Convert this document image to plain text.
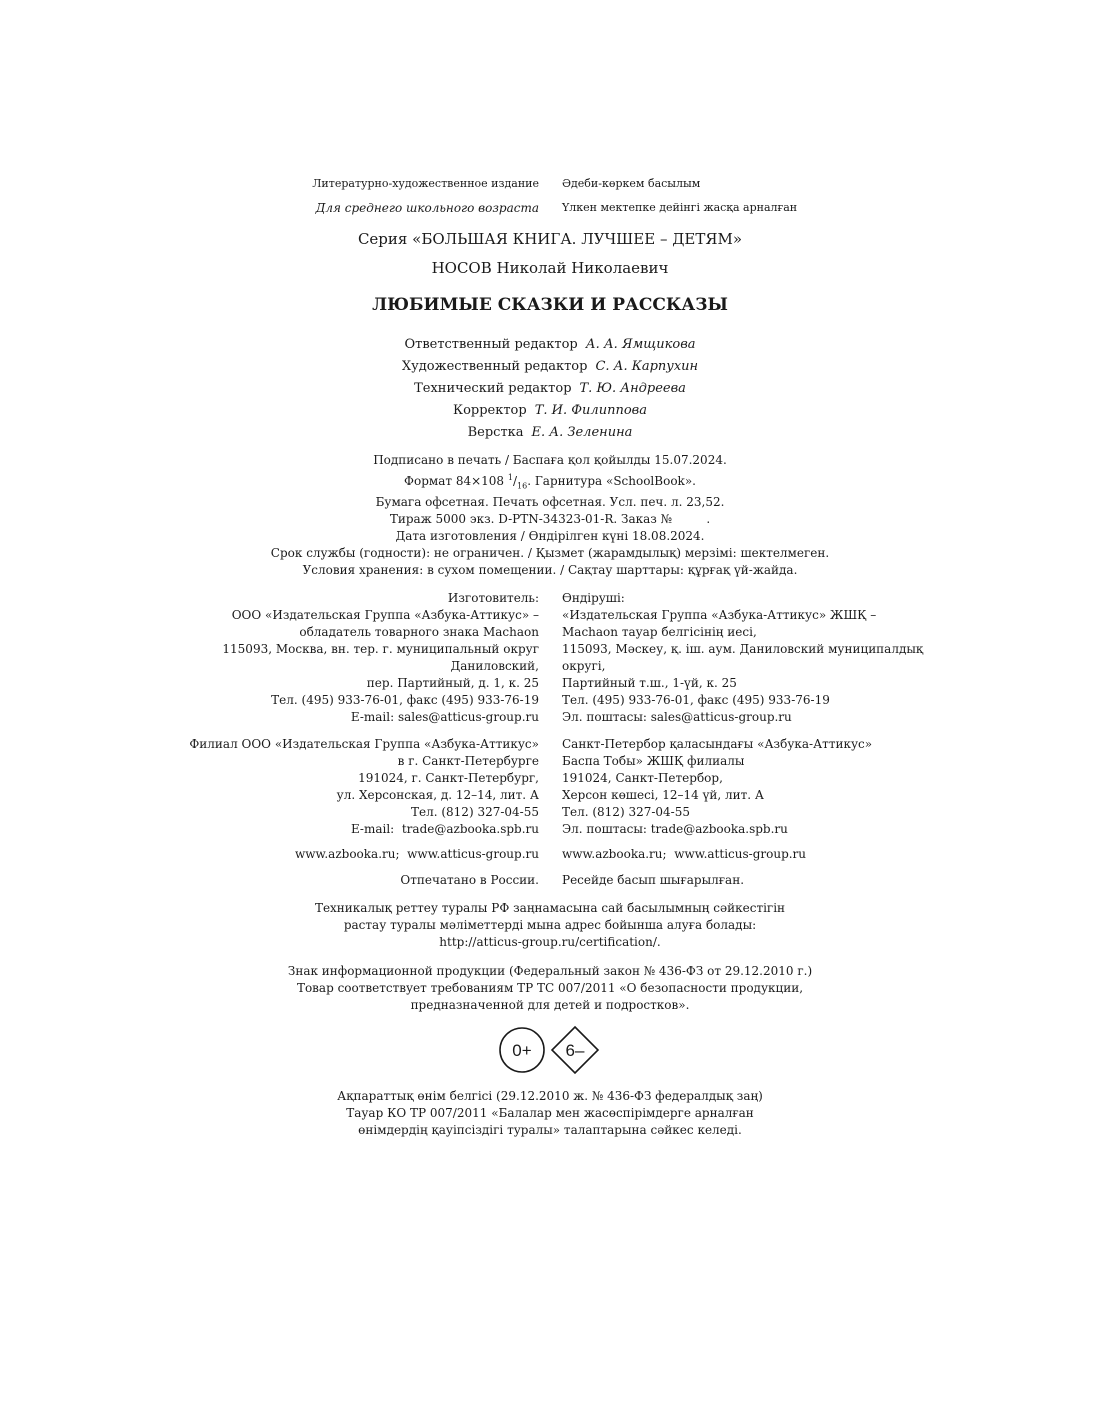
Литературно-художественное издание Әдеби-көркем басылым
Для среднего школьного возраста Үлкен мектепке дейінгі жасқа арналған
Серия «БОЛЬШАЯ КНИГА. ЛУЧШЕЕ – ДЕТЯМ»
НОСОВ Николай Николаевич
ЛЮБИМЫЕ СКАЗКИ И РАССКАЗЫ
Ответственный редактор А. А. Ямщикова
Художественный редактор С. А. Карпухин
Технический редактор Т. Ю. Андреева
Корректор Т. И. Филиппова
Верстка Е. А. Зеленина
Подписано в печать / Баспаға қол қойылды 15.07.2024.
Формат 84×108 $^1/_{16}$. Гарнитура «SchoolBook».
Бумага офсетная. Печать офсетная. Усл. печ. л. 23,52.
Тираж 5000 экз. D-PTN-34323-01-R. Заказ №         .
Дата изготовления / Өндірілген күні 18.08.2024.
Срок службы (годности): не ограничен. / Қызмет (жарамдылық) мерзімі: шектелмеген.
Условия хранения: в сухом помещении. / Сақтау шарттары: құрғақ үй-жайда.
Изготовитель:
ООО «Издательская Группа «Азбука-Аттикус» –
обладатель товарного знака Machaon
115093, Москва, вн. тер. г. муниципальный округ
Даниловский,
пер. Партийный, д. 1, к. 25
Тел. (495) 933-76-01, факс (495) 933-76-19
E-mail: sales@atticus-group.ru
Өндіруші:
«Издательская Группа «Азбука-Аттикус» ЖШҚ –
Machaon тауар белгісінің иесі,
115093, Мәскеу, қ. іш. аум. Даниловский муниципалдық
округі,
Партийный т.ш., 1-үй, к. 25
Тел. (495) 933-76-01, факс (495) 933-76-19
Эл. поштасы: sales@atticus-group.ru
Филиал ООО «Издательская Группа «Азбука-Аттикус»
в г. Санкт-Петербурге
191024, г. Санкт-Петербург,
ул. Херсонская, д. 12–14, лит. А
Тел. (812) 327-04-55
E-mail:  trade@azbooka.spb.ru
Санкт-Петербор қаласындағы «Азбука-Аттикус»
Баспа Тобы» ЖШҚ филиалы
191024, Санкт-Петербор,
Херсон көшесі, 12–14 үй, лит. А
Тел. (812) 327-04-55
Эл. поштасы: trade@azbooka.spb.ru
www.azbooka.ru;  www.atticus-group.ru www.azbooka.ru;  www.atticus-group.ru
Отпечатано в России. Ресейде басып шығарылған.
Техникалық реттеу туралы РФ заңнамасына сай басылымның сәйкестігін
растау туралы мәліметтерді мына адрес бойынша алуға болады:
http://atticus-group.ru/certification/.
Знак информационной продукции (Федеральный закон № 436-ФЗ от 29.12.2010 г.)
Товар соответствует требованиям ТР ТС 007/2011 «О безопасности продукции,
предназначенной для детей и подростков».
0+ 6–
Ақпараттық өнім белгісі (29.12.2010 ж. № 436-ФЗ федералдық заң)
Тауар КО ТР 007/2011 «Балалар мен жасөспірімдерге арналған
өнімдердің қауіпсіздігі туралы» талаптарына сәйкес келеді.
